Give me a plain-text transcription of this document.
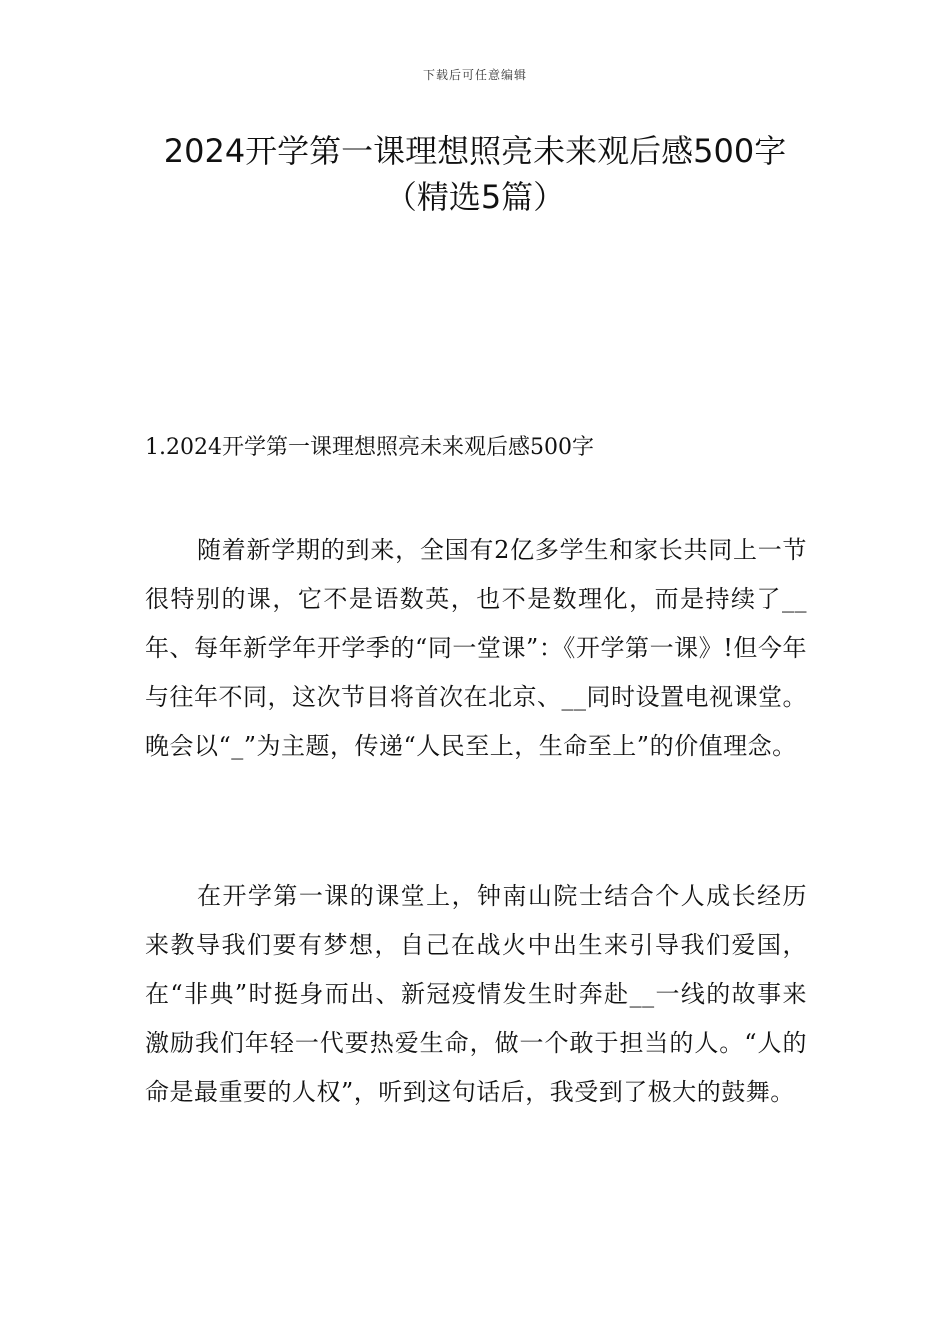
下载后可任意编辑
2024开学第一课理想照亮未来观后感500字（精选5篇）
1.2024开学第一课理想照亮未来观后感500字

随着新学期的到来，全国有2亿多学生和家长共同上一节很特别的课，它不是语数英，也不是数理化，而是持续了__年、每年新学年开学季的“同一堂课”：《开学第一课》!但今年与往年不同，这次节目将首次在北京、__同时设置电视课堂。晚会以“_”为主题，传递“人民至上，生命至上”的价值理念。

在开学第一课的课堂上，钟南山院士结合个人成长经历来教导我们要有梦想，自己在战火中出生来引导我们爱国，在“非典”时挺身而出、新冠疫情发生时奔赴__一线的故事来激励我们年轻一代要热爱生命，做一个敢于担当的人。“人的命是最重要的人权”，听到这句话后，我受到了极大的鼓舞。
